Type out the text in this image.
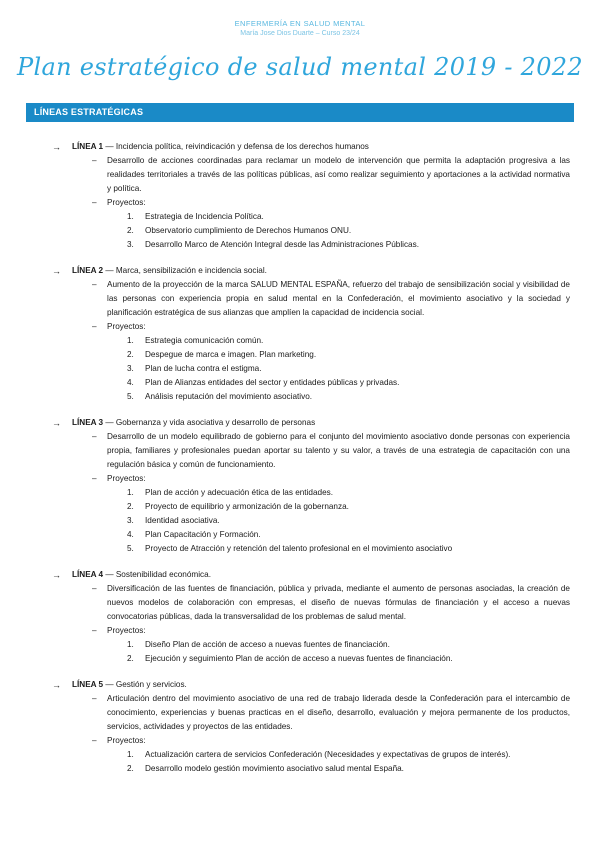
ENFERMERÍA EN SALUD MENTAL
María Jose Dios Duarte – Curso 23/24
Plan estratégico de salud mental 2019 - 2022
LÍNEAS ESTRATÉGICAS
→ LÍNEA 1 — Incidencia política, reivindicación y defensa de los derechos humanos
– Desarrollo de acciones coordinadas para reclamar un modelo de intervención que permita la adaptación progresiva a las realidades territoriales a través de las políticas públicas, así como realizar seguimiento y aportaciones a la actividad normativa y política.
– Proyectos:
1. Estrategia de Incidencia Política.
2. Observatorio cumplimiento de Derechos Humanos ONU.
3. Desarrollo Marco de Atención Integral desde las Administraciones Públicas.
→ LÍNEA 2 — Marca, sensibilización e incidencia social.
– Aumento de la proyección de la marca SALUD MENTAL ESPAÑA, refuerzo del trabajo de sensibilización social y visibilidad de las personas con experiencia propia en salud mental en la Confederación, el movimiento asociativo y la sociedad y planificación estratégica de sus alianzas que amplíen la capacidad de incidencia social.
– Proyectos:
1. Estrategia comunicación común.
2. Despegue de marca e imagen. Plan marketing.
3. Plan de lucha contra el estigma.
4. Plan de Alianzas entidades del sector y entidades públicas y privadas.
5. Análisis reputación del movimiento asociativo.
→ LÍNEA 3 — Gobernanza y vida asociativa y desarrollo de personas
– Desarrollo de un modelo equilibrado de gobierno para el conjunto del movimiento asociativo donde personas con experiencia propia, familiares y profesionales puedan aportar su talento y su valor, a través de una estrategia de capacitación con una regulación básica y común de funcionamiento.
– Proyectos:
1. Plan de acción y adecuación ética de las entidades.
2. Proyecto de equilibrio y armonización de la gobernanza.
3. Identidad asociativa.
4. Plan Capacitación y Formación.
5. Proyecto de Atracción y retención del talento profesional en el movimiento asociativo
→ LÍNEA 4 — Sostenibilidad económica.
– Diversificación de las fuentes de financiación, pública y privada, mediante el aumento de personas asociadas, la creación de nuevos modelos de colaboración con empresas, el diseño de nuevas fórmulas de financiación y el acceso a nuevas convocatorias públicas, dada la transversalidad de los problemas de salud mental.
– Proyectos:
1. Diseño Plan de acción de acceso a nuevas fuentes de financiación.
2. Ejecución y seguimiento Plan de acción de acceso a nuevas fuentes de financiación.
→ LÍNEA 5 — Gestión y servicios.
– Articulación dentro del movimiento asociativo de una red de trabajo liderada desde la Confederación para el intercambio de conocimiento, experiencias y buenas practicas en el diseño, desarrollo, evaluación y mejora permanente de los productos, servicios, actividades y proyectos de las entidades.
– Proyectos:
1. Actualización cartera de servicios Confederación (Necesidades y expectativas de grupos de interés).
2. Desarrollo modelo gestión movimiento asociativo salud mental España.
